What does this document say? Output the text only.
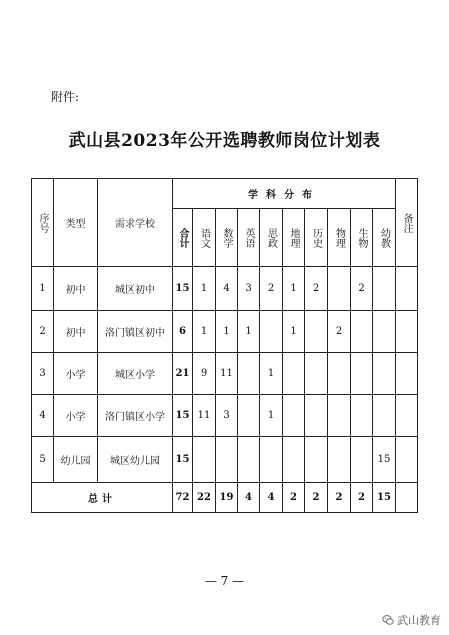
附件:
武山县2023年公开选聘教师岗位计划表
序号	类型	需求学校	学科分布										备注

			合计	语文	数学	英语	思政	地理	历史	物理	生物	幼教	

1	初中	城区初中	15	1	4	3	2	1	2		2		
2	初中	洛门镇区初中	6	1	1	1		1		2			
3	小学	城区小学	21	9	11		1						
4	小学	洛门镇区小学	15	11	3		1						
5	幼儿园	城区幼儿园	15									15	
总计			72	22	19	4	4	2	2	2	2	15	
— 7 —
武山教育
